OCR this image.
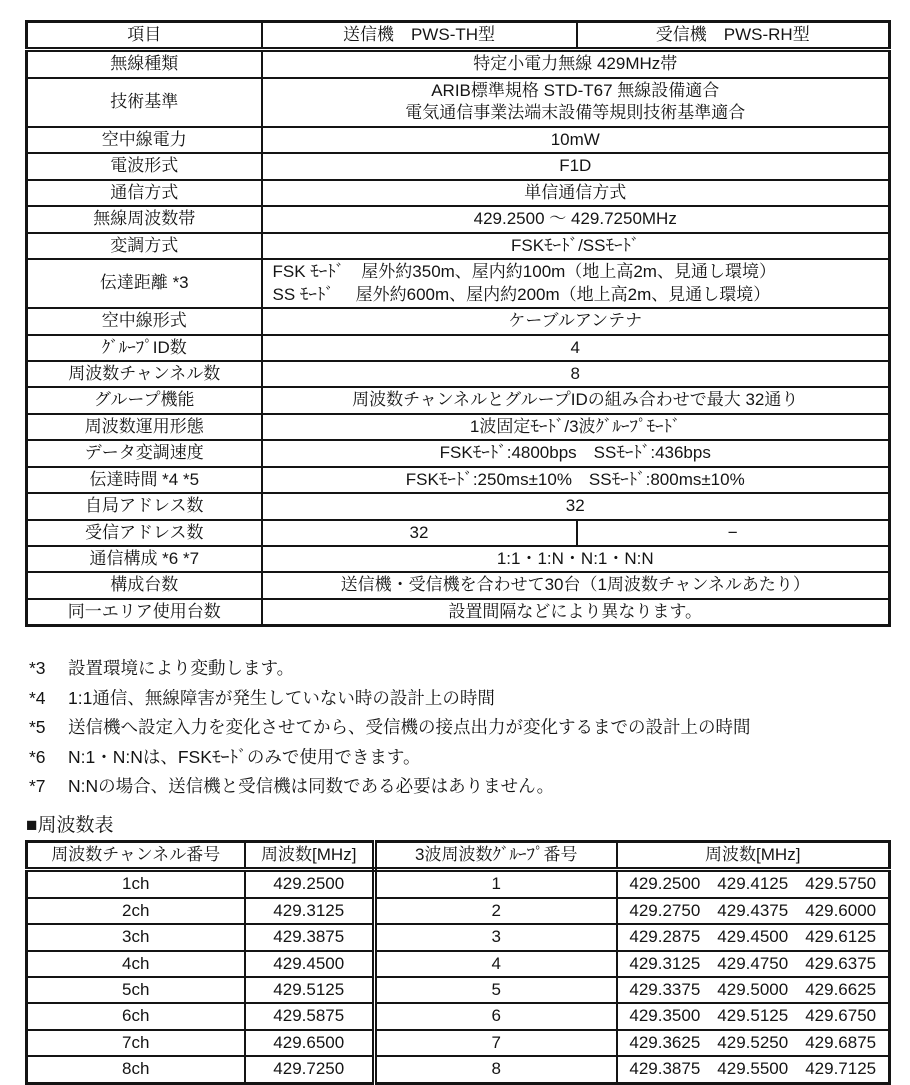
項目	送信機　PWS-TH型	受信機　PWS-RH型
無線種類	特定小電力無線 429MHz帯	
技術基準	ARIB標準規格 STD-T67 無線設備適合
電気通信事業法端末設備等規則技術基準適合	

空中線電力	10mW	
電波形式	F1D	
通信方式	単信通信方式	
無線周波数帯	429.2500 ～ 429.7250MHz	
変調方式	FSKﾓｰﾄﾞ/SSﾓｰﾄﾞ	
伝達距離 *3	FSK ﾓｰﾄﾞ　屋外約350m、屋内約100m（地上高2m、見通し環境）
SS ﾓｰﾄﾞ　 屋外約600m、屋内約200m（地上高2m、見通し環境）	

空中線形式	ケーブルアンテナ	
ｸﾞﾙｰﾌﾟID数	4	
周波数チャンネル数	8	
グループ機能	周波数チャンネルとグループIDの組み合わせで最大 32通り	
周波数運用形態	1波固定ﾓｰﾄﾞ/3波ｸﾞﾙｰﾌﾟﾓｰﾄﾞ	
データ変調速度	FSKﾓｰﾄﾞ:4800bps　SSﾓｰﾄﾞ:436bps	
伝達時間 *4 *5	FSKﾓｰﾄﾞ:250ms±10%　SSﾓｰﾄﾞ:800ms±10%	
自局アドレス数	32	
受信アドレス数	32	−
通信構成 *6 *7	1:1・1:N・N:1・N:N	
構成台数	送信機・受信機を合わせて30台（1周波数チャンネルあたり）	
同一エリア使用台数	設置間隔などにより異なります。	
*3	設置環境により変動します。
*4	1:1通信、無線障害が発生していない時の設計上の時間
*5	送信機へ設定入力を変化させてから、受信機の接点出力が変化するまでの設計上の時間
*6	N:1・N:Nは、FSKﾓｰﾄﾞのみで使用できます。
*7	N:Nの場合、送信機と受信機は同数である必要はありません。
■周波数表
周波数チャンネル番号	周波数[MHz]	3波周波数ｸﾞﾙｰﾌﾟ番号	周波数[MHz]
1ch	429.2500	1	429.2500　429.4125　429.5750
2ch	429.3125	2	429.2750　429.4375　429.6000
3ch	429.3875	3	429.2875　429.4500　429.6125
4ch	429.4500	4	429.3125　429.4750　429.6375
5ch	429.5125	5	429.3375　429.5000　429.6625
6ch	429.5875	6	429.3500　429.5125　429.6750
7ch	429.6500	7	429.3625　429.5250　429.6875
8ch	429.7250	8	429.3875　429.5500　429.7125
